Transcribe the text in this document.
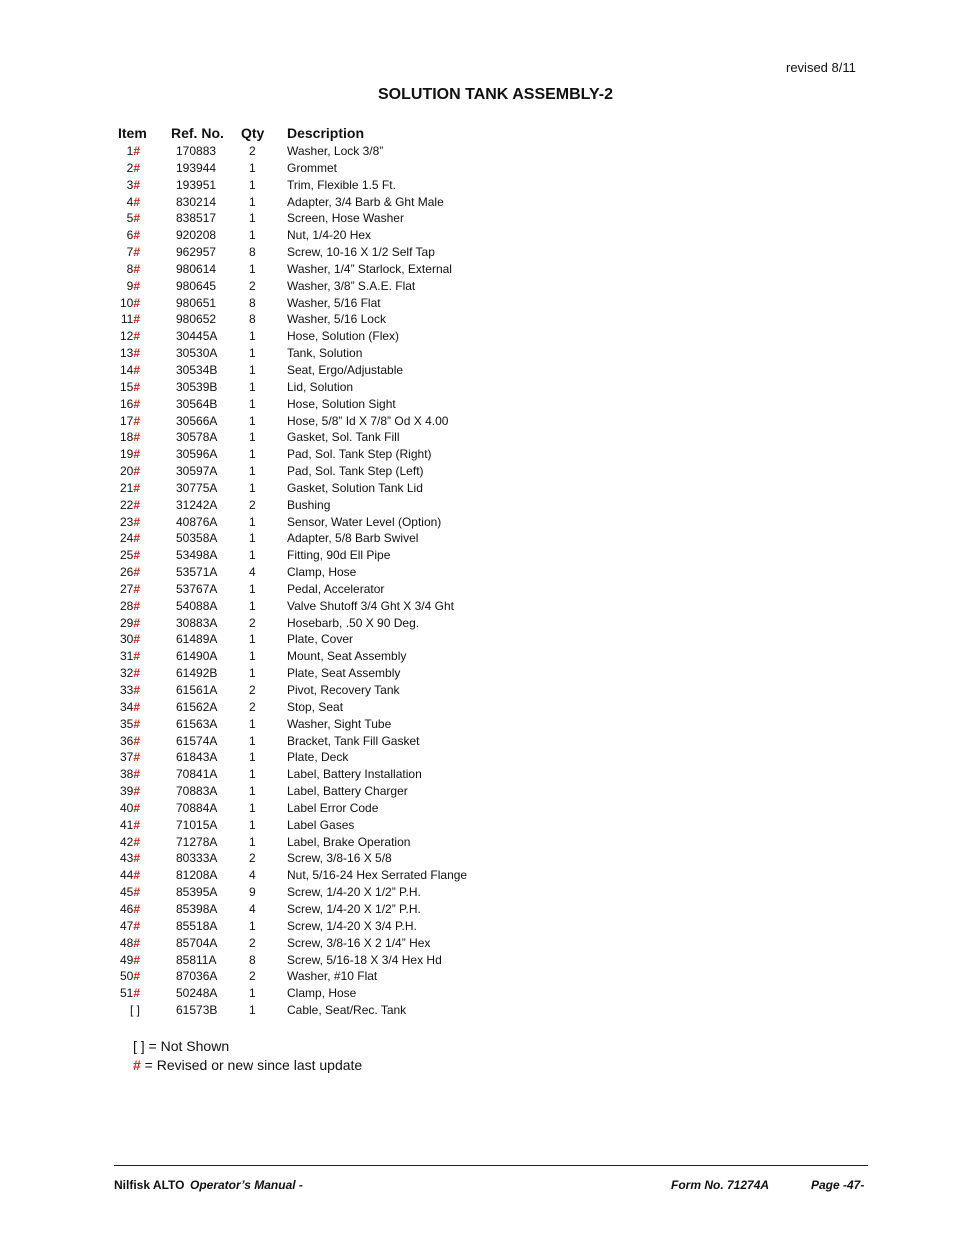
revised 8/11
SOLUTION TANK ASSEMBLY-2
Item Ref. No. Qty Description
1#	170883	2	Washer, Lock 3/8”
2#	193944	1	Grommet
3#	193951	1	Trim, Flexible 1.5 Ft.
4#	830214	1	Adapter, 3/4 Barb & Ght Male
5#	838517	1	Screen, Hose Washer
6#	920208	1	Nut, 1/4-20 Hex
7#	962957	8	Screw, 10-16 X 1/2 Self Tap
8#	980614	1	Washer, 1/4” Starlock, External
9#	980645	2	Washer, 3/8” S.A.E. Flat
10#	980651	8	Washer, 5/16 Flat
11#	980652	8	Washer, 5/16 Lock
12#	30445A	1	Hose, Solution (Flex)
13#	30530A	1	Tank, Solution
14#	30534B	1	Seat, Ergo/Adjustable
15#	30539B	1	Lid, Solution
16#	30564B	1	Hose, Solution Sight
17#	30566A	1	Hose, 5/8” Id X 7/8” Od X 4.00
18#	30578A	1	Gasket, Sol. Tank Fill
19#	30596A	1	Pad, Sol. Tank Step (Right)
20#	30597A	1	Pad, Sol. Tank Step (Left)
21#	30775A	1	Gasket, Solution Tank Lid
22#	31242A	2	Bushing
23#	40876A	1	Sensor, Water Level (Option)
24#	50358A	1	Adapter, 5/8 Barb Swivel
25#	53498A	1	Fitting, 90d Ell Pipe
26#	53571A	4	Clamp, Hose
27#	53767A	1	Pedal, Accelerator
28#	54088A	1	Valve Shutoff 3/4 Ght X 3/4 Ght
29#	30883A	2	Hosebarb, .50 X 90 Deg.
30#	61489A	1	Plate, Cover
31#	61490A	1	Mount, Seat Assembly
32#	61492B	1	Plate, Seat Assembly
33#	61561A	2	Pivot, Recovery Tank
34#	61562A	2	Stop, Seat
35#	61563A	1	Washer, Sight Tube
36#	61574A	1	Bracket, Tank Fill Gasket
37#	61843A	1	Plate, Deck
38#	70841A	1	Label, Battery Installation
39#	70883A	1	Label, Battery Charger
40#	70884A	1	Label Error Code
41#	71015A	1	Label Gases
42#	71278A	1	Label, Brake Operation
43#	80333A	2	Screw, 3/8-16 X 5/8
44#	81208A	4	Nut, 5/16-24 Hex Serrated Flange
45#	85395A	9	Screw, 1/4-20 X 1/2” P.H.
46#	85398A	4	Screw, 1/4-20 X 1/2” P.H.
47#	85518A	1	Screw, 1/4-20 X 3/4 P.H.
48#	85704A	2	Screw, 3/8-16 X 2 1/4” Hex
49#	85811A	8	Screw, 5/16-18 X 3/4 Hex Hd
50#	87036A	2	Washer, #10 Flat
51#	50248A	1	Clamp, Hose
[ ]	61573B	1	Cable, Seat/Rec. Tank
[ ] = Not Shown
# = Revised or new since last update
Nilfisk ALTO Operator’s Manual -	Form No. 71274A	Page -47-
